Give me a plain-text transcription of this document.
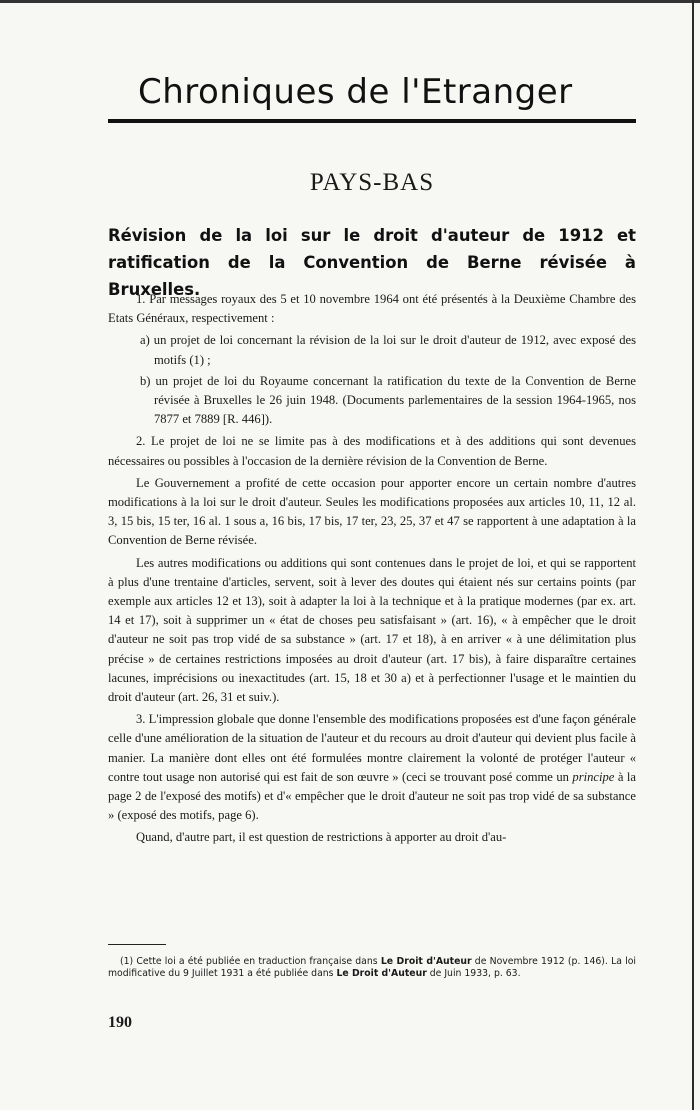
Chroniques de l'Etranger
PAYS-BAS
Révision de la loi sur le droit d'auteur de 1912 et
ratification de la Convention de Berne révisée à Bruxelles.

1. Par messages royaux des 5 et 10 novembre 1964 ont été présentés à la Deuxième Chambre des Etats Généraux, respectivement :

a) un projet de loi concernant la révision de la loi sur le droit d'auteur de 1912, avec exposé des motifs (1) ;

b) un projet de loi du Royaume concernant la ratification du texte de la Convention de Berne révisée à Bruxelles le 26 juin 1948. (Documents parlementaires de la session 1964-1965, nos 7877 et 7889 [R. 446]).

2. Le projet de loi ne se limite pas à des modifications et à des additions qui sont devenues nécessaires ou possibles à l'occasion de la dernière révision de la Convention de Berne.

Le Gouvernement a profité de cette occasion pour apporter encore un certain nombre d'autres modifications à la loi sur le droit d'auteur. Seules les modifications proposées aux articles 10, 11, 12 al. 3, 15 bis, 15 ter, 16 al. 1 sous a, 16 bis, 17 bis, 17 ter, 23, 25, 37 et 47 se rapportent à une adaptation à la Convention de Berne révisée.

Les autres modifications ou additions qui sont contenues dans le projet de loi, et qui se rapportent à plus d'une trentaine d'articles, servent, soit à lever des doutes qui étaient nés sur certains points (par exemple aux articles 12 et 13), soit à adapter la loi à la technique et à la pratique modernes (par ex. art. 14 et 17), soit à supprimer un « état de choses peu satisfaisant » (art. 16), « à empêcher que le droit d'auteur ne soit pas trop vidé de sa substance » (art. 17 et 18), à en arriver « à une délimitation plus précise » de certaines restrictions imposées au droit d'auteur (art. 17 bis), à faire disparaître certaines lacunes, imprécisions ou inexactitudes (art. 15, 18 et 30 a) et à perfectionner l'usage et le maintien du droit d'auteur (art. 26, 31 et suiv.).

3. L'impression globale que donne l'ensemble des modifications proposées est d'une façon générale celle d'une amélioration de la situation de l'auteur et du recours au droit d'auteur qui devient plus facile à manier. La manière dont elles ont été formulées montre clairement la volonté de protéger l'auteur « contre tout usage non autorisé qui est fait de son œuvre » (ceci se trouvant posé comme un principe à la page 2 de l'exposé des motifs) et d'« empêcher que le droit d'auteur ne soit pas trop vidé de sa substance » (exposé des motifs, page 6).

Quand, d'autre part, il est question de restrictions à apporter au droit d'au-

(1) Cette loi a été publiée en traduction française dans Le Droit d'Auteur de Novembre 1912 (p. 146). La loi modificative du 9 Juillet 1931 a été publiée dans Le Droit d'Auteur de Juin 1933, p. 63.
190
